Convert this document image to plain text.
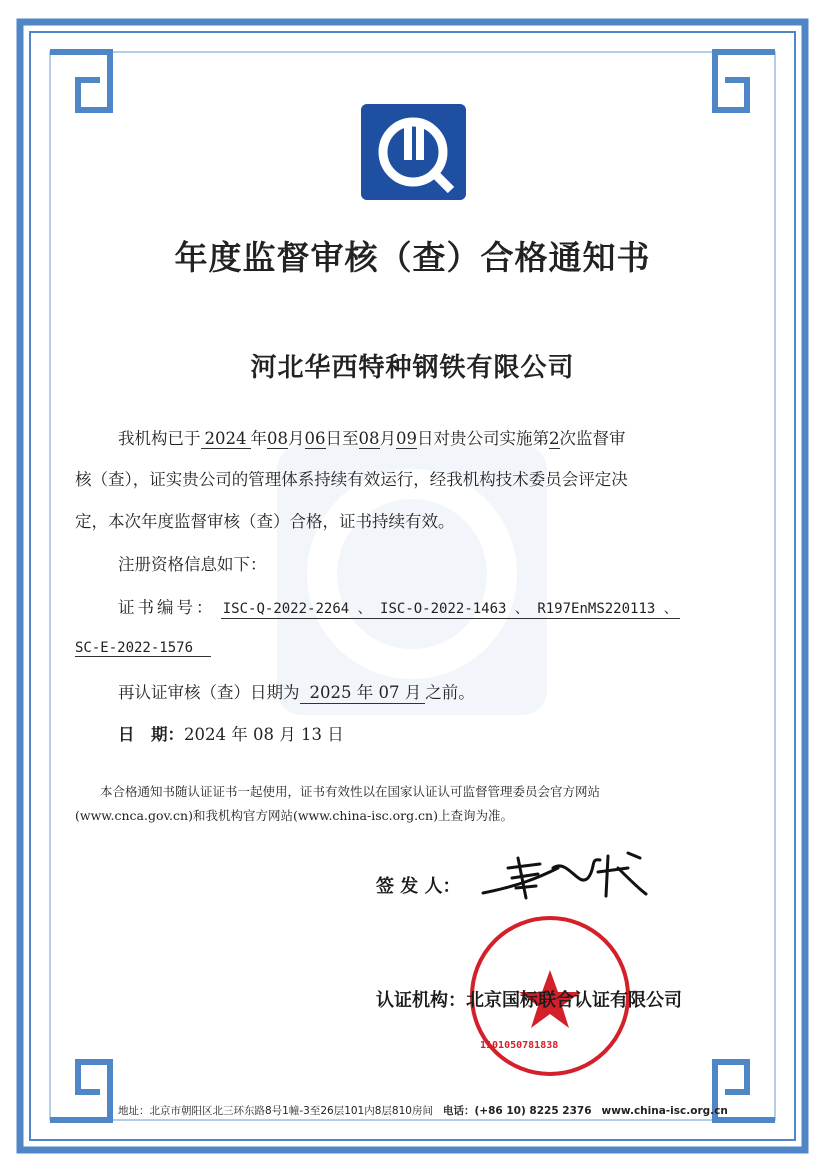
年度监督审核（查）合格通知书
河北华西特种钢铁有限公司
我机构已于 2024 年08月06日至08月09日对贵公司实施第2次监督审
核（查），证实贵公司的管理体系持续有效运行，经我机构技术委员会评定决
定，本次年度监督审核（查）合格，证书持续有效。
注册资格信息如下：
证书编号： ISC-Q-2022-2264 、 ISC-O-2022-1463 、 R197EnMS220113 、
SC-E-2022-1576
再认证审核（查）日期为 2025 年 07 月 之前。
日　期：2024 年 08 月 13 日
本合格通知书随认证证书一起使用，证书有效性以在国家认证认可监督管理委员会官方网站
(www.cnca.gov.cn)和我机构官方网站(www.china-isc.org.cn)上查询为准。
签 发 人：
认证机构：北京国标联合认证有限公司
1101050781838
地址：北京市朝阳区北三环东路8号1幢-3至26层101内8层810房间 电话：(+86 10) 8225 2376 www.china-isc.org.cn
